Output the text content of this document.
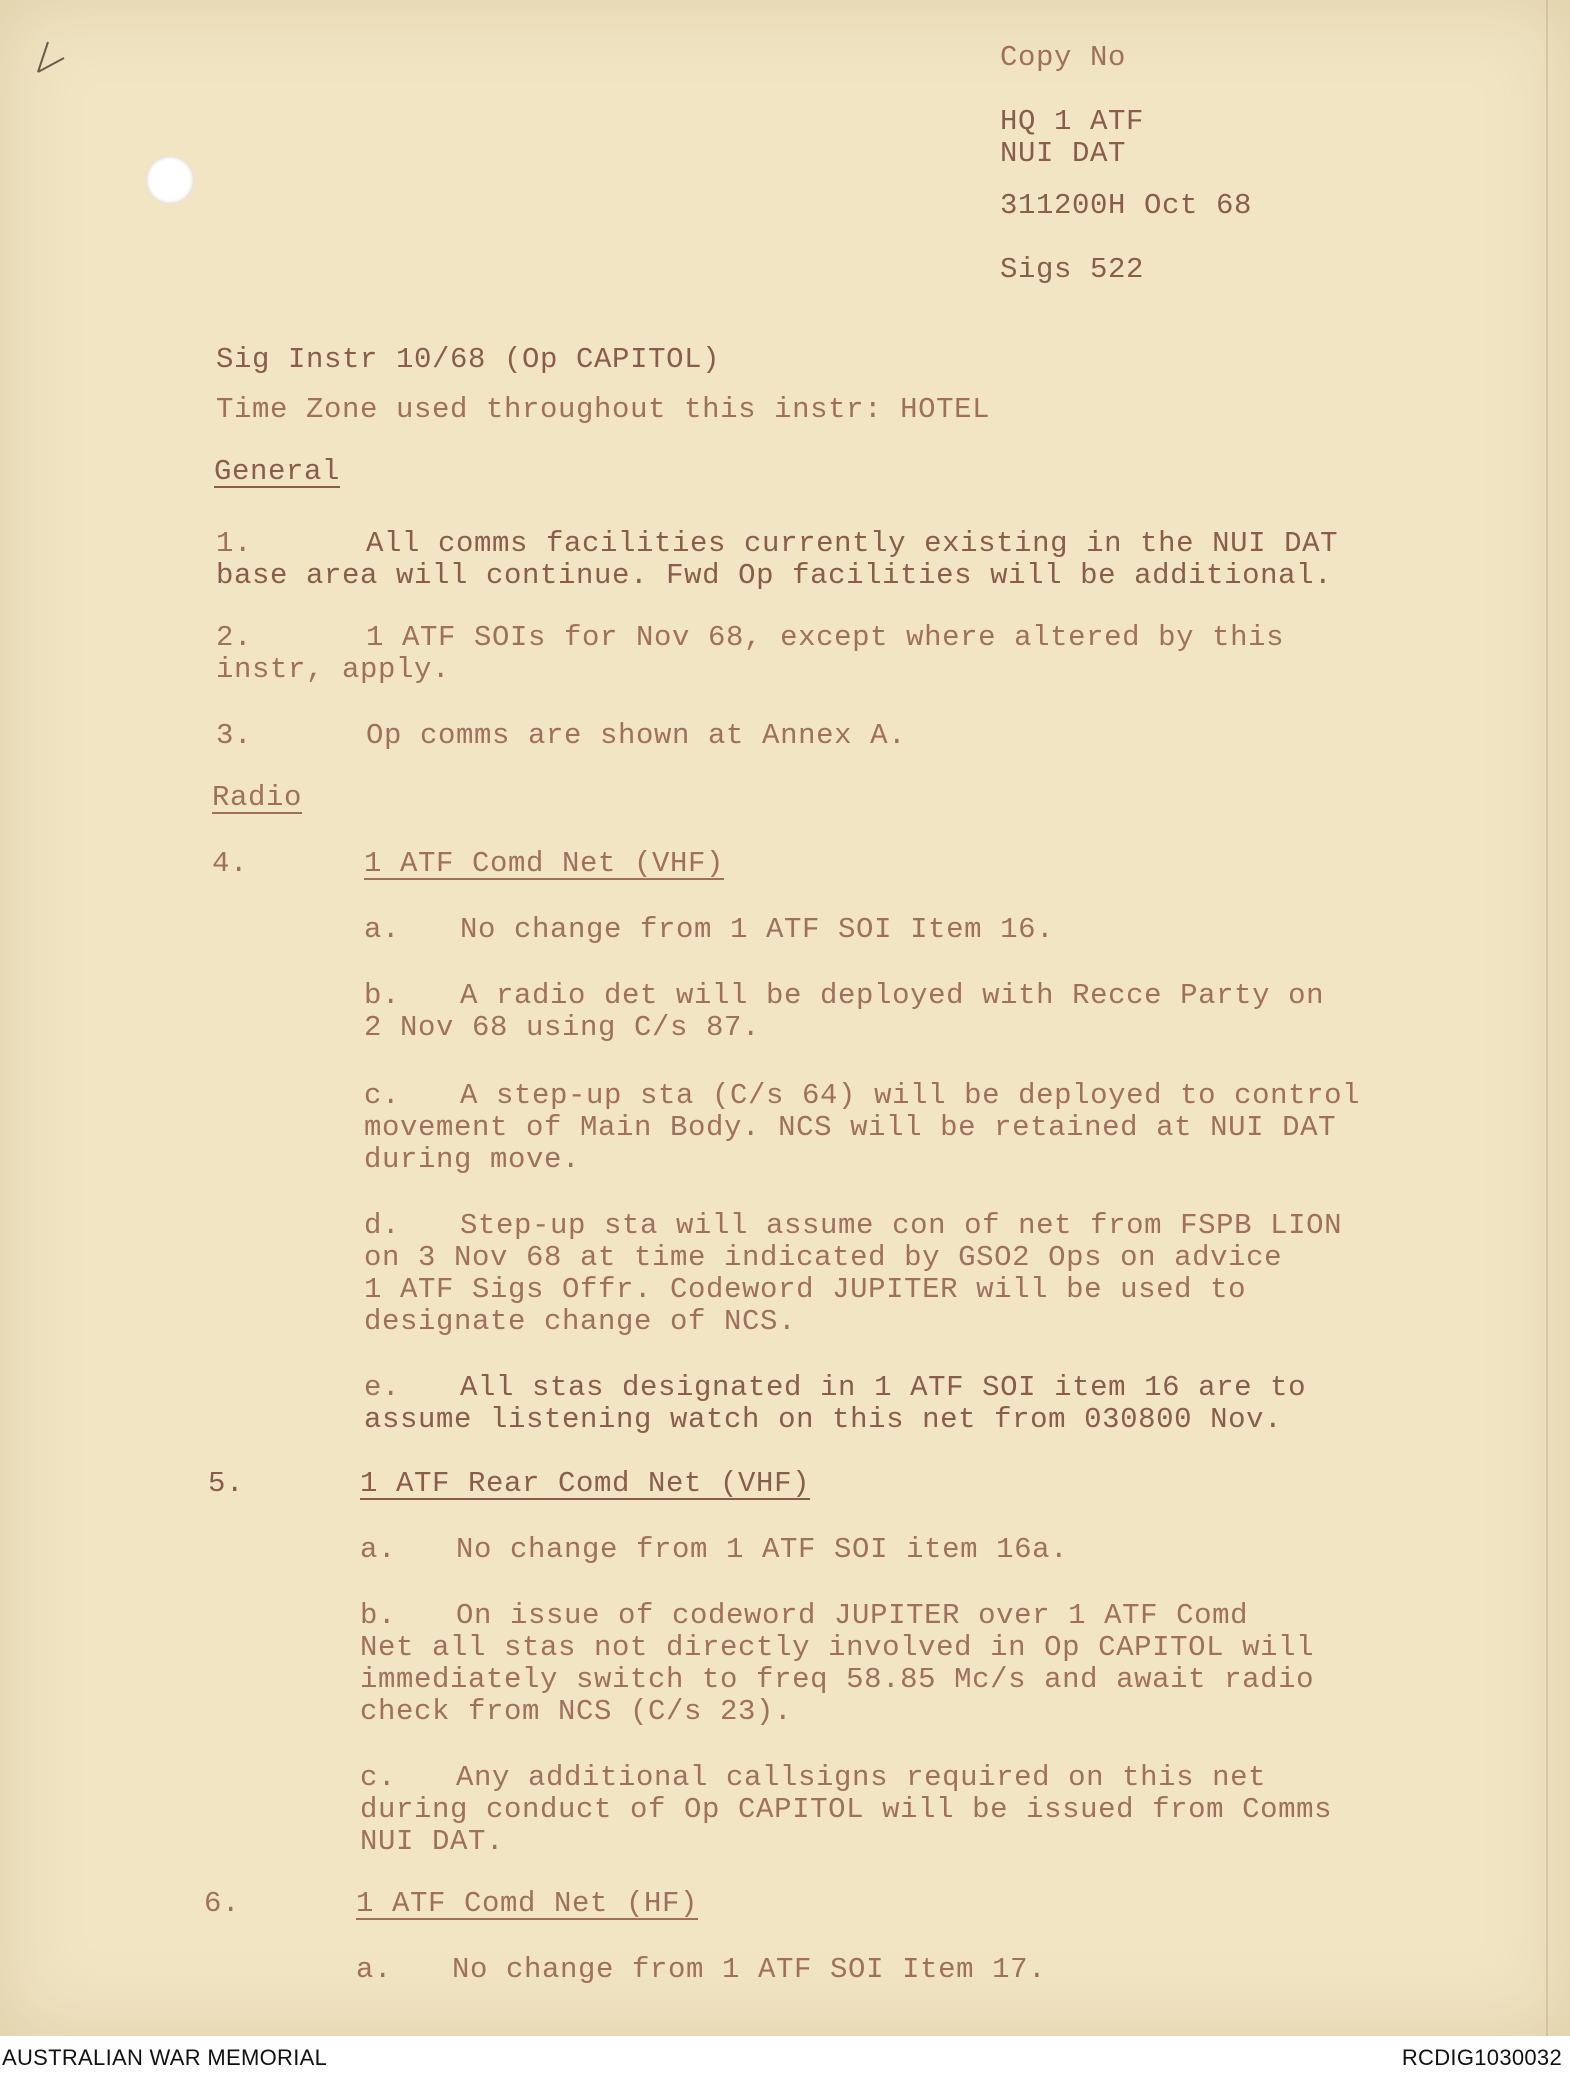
Copy No
HQ 1 ATF
NUI DAT
311200H Oct 68
Sigs 522
Sig Instr 10/68 (Op CAPITOL)
Time Zone used throughout this instr: HOTEL
General
1.	All comms facilities currently existing in the NUI DAT
base area will continue. Fwd Op facilities will be additional.
2.	1 ATF SOIs for Nov 68, except where altered by this
instr, apply.
3.	Op comms are shown at Annex A.
Radio
4.	1 ATF Comd Net (VHF)
a. No change from 1 ATF SOI Item 16.
b. A radio det will be deployed with Recce Party on
2 Nov 68 using C/s 87.
c. A step-up sta (C/s 64) will be deployed to control
movement of Main Body. NCS will be retained at NUI DAT
during move.
d. Step-up sta will assume con of net from FSPB LION
on 3 Nov 68 at time indicated by GSO2 Ops on advice
1 ATF Sigs Offr. Codeword JUPITER will be used to
designate change of NCS.
e. All stas designated in 1 ATF SOI item 16 are to
assume listening watch on this net from 030800 Nov.
5.	1 ATF Rear Comd Net (VHF)
a. No change from 1 ATF SOI item 16a.
b. On issue of codeword JUPITER over 1 ATF Comd
Net all stas not directly involved in Op CAPITOL will
immediately switch to freq 58.85 Mc/s and await radio
check from NCS (C/s 23).
c. Any additional callsigns required on this net
during conduct of Op CAPITOL will be issued from Comms
NUI DAT.
6.	1 ATF Comd Net (HF)
a. No change from 1 ATF SOI Item 17.
AUSTRALIAN WAR MEMORIAL	RCDIG1030032
